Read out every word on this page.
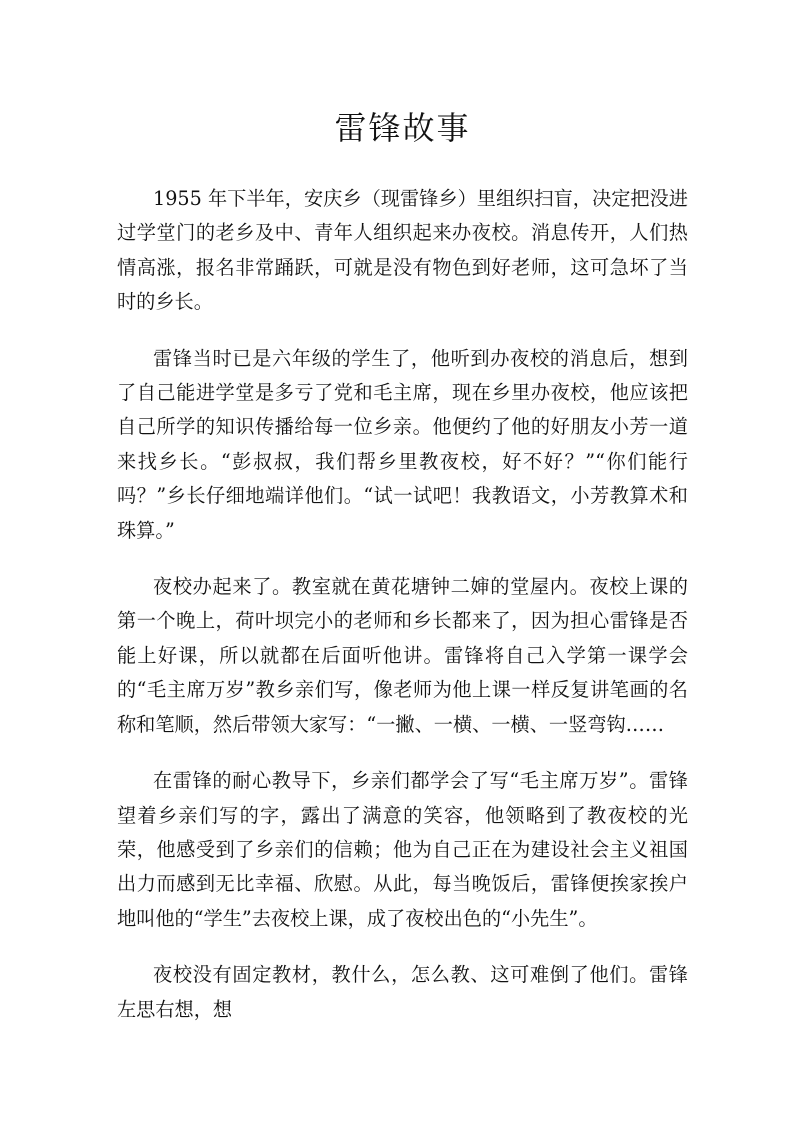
雷锋故事

1955 年下半年，安庆乡（现雷锋乡）里组织扫盲，决定把没进过学堂门的老乡及中、青年人组织起来办夜校。消息传开，人们热情高涨，报名非常踊跃，可就是没有物色到好老师，这可急坏了当时的乡长。

雷锋当时已是六年级的学生了，他听到办夜校的消息后，想到了自己能进学堂是多亏了党和毛主席，现在乡里办夜校，他应该把自己所学的知识传播给每一位乡亲。他便约了他的好朋友小芳一道来找乡长。“彭叔叔，我们帮乡里教夜校，好不好？”“你们能行吗？”乡长仔细地端详他们。“试一试吧！我教语文，小芳教算术和珠算。”

夜校办起来了。教室就在黄花塘钟二婶的堂屋内。夜校上课的第一个晚上，荷叶坝完小的老师和乡长都来了，因为担心雷锋是否能上好课，所以就都在后面听他讲。雷锋将自己入学第一课学会的“毛主席万岁”教乡亲们写，像老师为他上课一样反复讲笔画的名称和笔顺，然后带领大家写：“一撇、一横、一横、一竖弯钩……

在雷锋的耐心教导下，乡亲们都学会了写“毛主席万岁”。雷锋望着乡亲们写的字，露出了满意的笑容，他领略到了教夜校的光荣，他感受到了乡亲们的信赖；他为自己正在为建设社会主义祖国出力而感到无比幸福、欣慰。从此，每当晚饭后，雷锋便挨家挨户地叫他的“学生”去夜校上课，成了夜校出色的“小先生”。

夜校没有固定教材，教什么，怎么教、这可难倒了他们。雷锋左思右想，想
